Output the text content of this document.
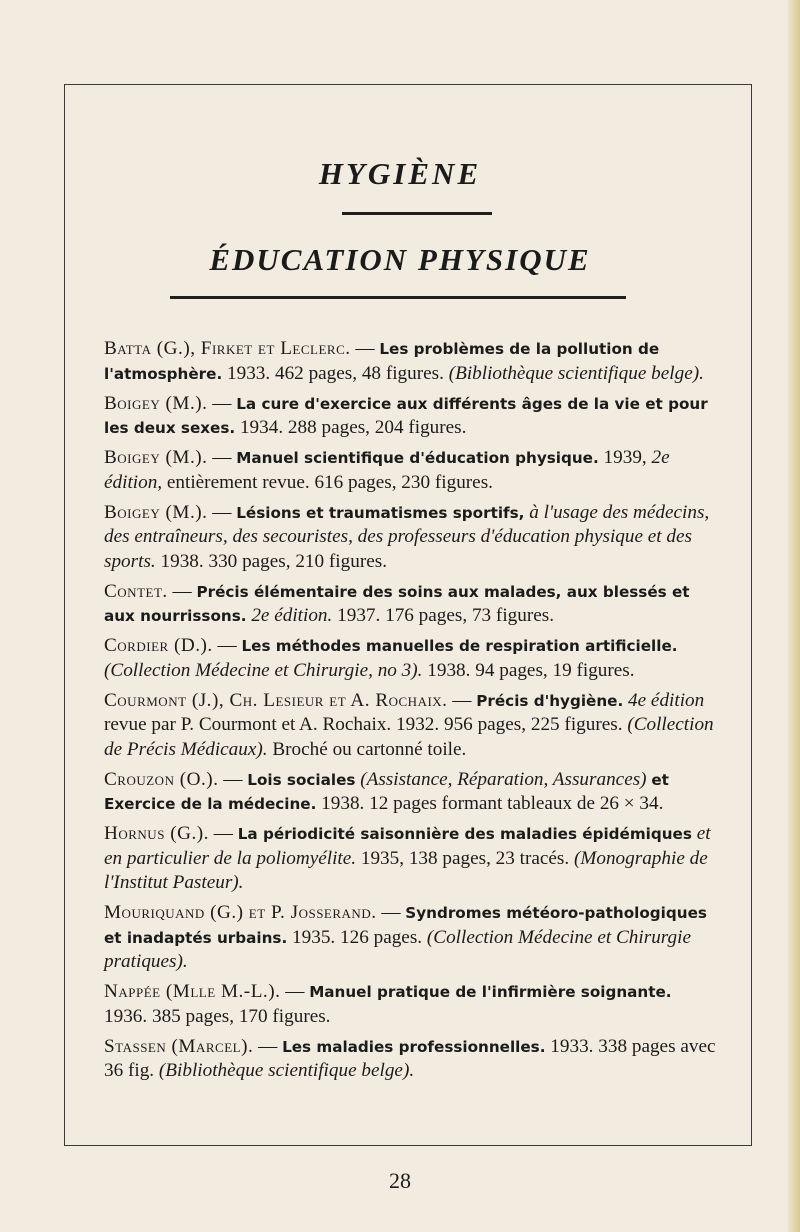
HYGIÈNE
ÉDUCATION PHYSIQUE
Batta (G.), Firket et Leclerc. — Les problèmes de la pollution de l'atmosphère. 1933. 462 pages, 48 figures. (Bibliothèque scientifique belge).
Boigey (M.). — La cure d'exercice aux différents âges de la vie et pour les deux sexes. 1934. 288 pages, 204 figures.
Boigey (M.). — Manuel scientifique d'éducation physique. 1939, 2e édition, entièrement revue. 616 pages, 230 figures.
Boigey (M.). — Lésions et traumatismes sportifs, à l'usage des médecins, des entraîneurs, des secouristes, des professeurs d'éducation physique et des sports. 1938. 330 pages, 210 figures.
Contet. — Précis élémentaire des soins aux malades, aux blessés et aux nourrissons. 2e édition. 1937. 176 pages, 73 figures.
Cordier (D.). — Les méthodes manuelles de respiration artificielle. (Collection Médecine et Chirurgie, no 3). 1938. 94 pages, 19 figures.
Courmont (J.), Ch. Lesieur et A. Rochaix. — Précis d'hygiène. 4e édition revue par P. Courmont et A. Rochaix. 1932. 956 pages, 225 figures. (Collection de Précis Médicaux). Broché ou cartonné toile.
Crouzon (O.). — Lois sociales (Assistance, Réparation, Assurances) et Exercice de la médecine. 1938. 12 pages formant tableaux de 26 × 34.
Hornus (G.). — La périodicité saisonnière des maladies épidémiques et en particulier de la poliomyélite. 1935, 138 pages, 23 tracés. (Monographie de l'Institut Pasteur).
Mouriquand (G.) et P. Josserand. — Syndromes météoro-pathologiques et inadaptés urbains. 1935. 126 pages. (Collection Médecine et Chirurgie pratiques).
Nappée (Mlle M.-L.). — Manuel pratique de l'infirmière soignante. 1936. 385 pages, 170 figures.
Stassen (Marcel). — Les maladies professionnelles. 1933. 338 pages avec 36 fig. (Bibliothèque scientifique belge).
28
